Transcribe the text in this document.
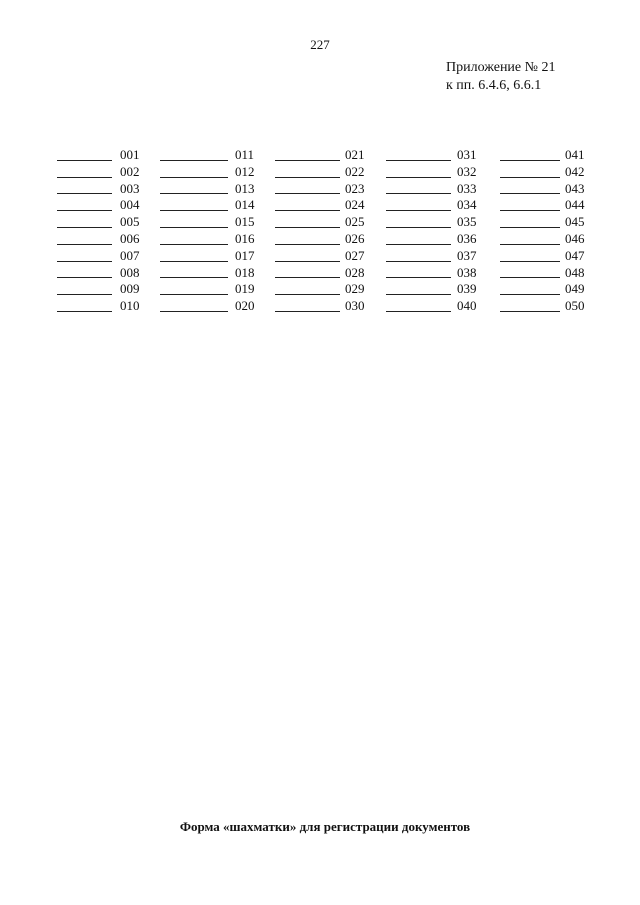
227
Приложение № 21
к пп. 6.4.6, 6.6.1
001
002
003
004
005
006
007
008
009
010
011
012
013
014
015
016
017
018
019
020
021
022
023
024
025
026
027
028
029
030
031
032
033
034
035
036
037
038
039
040
041
042
043
044
045
046
047
048
049
050
Форма «шахматки» для регистрации документов
